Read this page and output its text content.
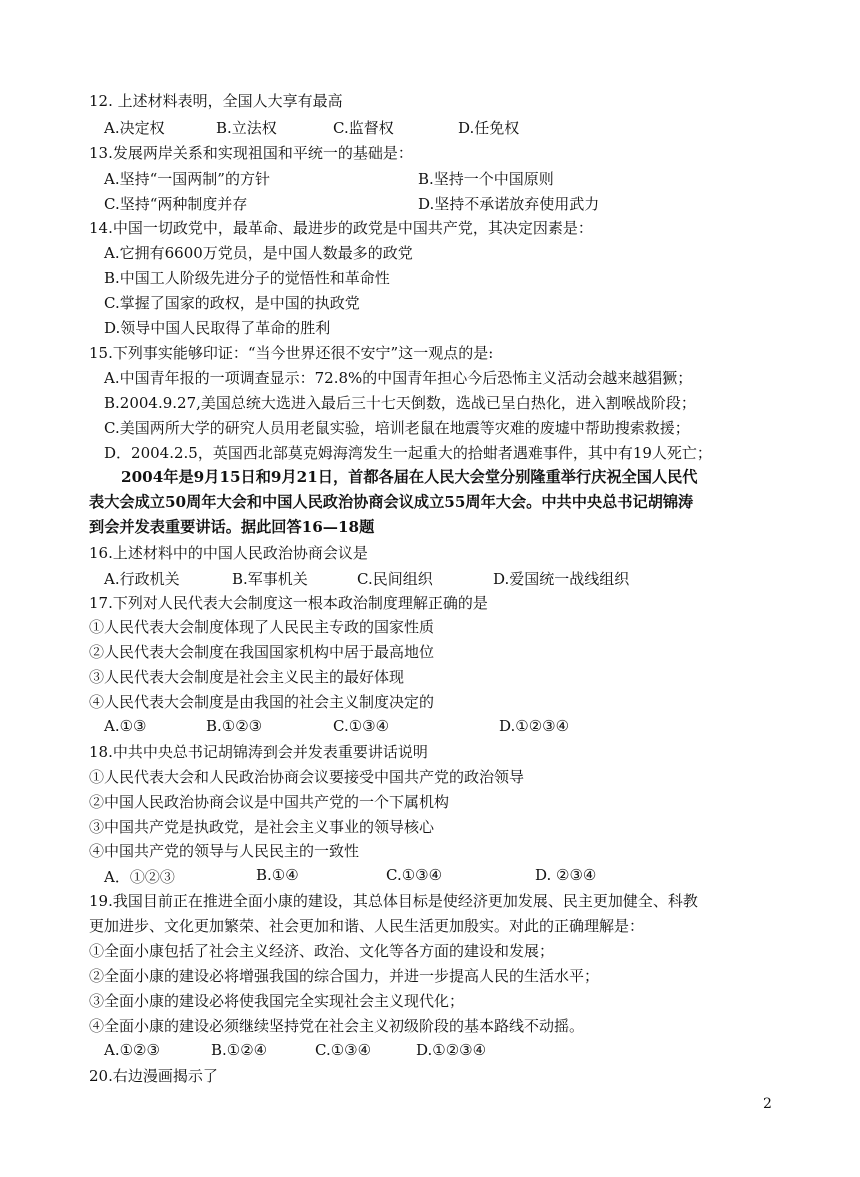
12. 上述材料表明，全国人大享有最高
A.决定权	B.立法权	C.监督权	D.任免权
13.发展两岸关系和实现祖国和平统一的基础是：
A.坚持“一国两制”的方针	B.坚持一个中国原则
C.坚持“两种制度并存	D.坚持不承诺放弃使用武力
14.中国一切政党中，最革命、最进步的政党是中国共产党，其决定因素是：
A.它拥有6600万党员，是中国人数最多的政党
B.中国工人阶级先进分子的觉悟性和革命性
C.掌握了国家的政权，是中国的执政党
D.领导中国人民取得了革命的胜利
15.下列事实能够印证：“当今世界还很不安宁”这一观点的是:
A.中国青年报的一项调查显示：72.8%的中国青年担心今后恐怖主义活动会越来越猖獗；
B.2004.9.27,美国总统大选进入最后三十七天倒数，选战已呈白热化，进入割喉战阶段；
C.美国两所大学的研究人员用老鼠实验，培训老鼠在地震等灾难的废墟中帮助搜索救援；
D．2004.2.5，英国西北部莫克姆海湾发生一起重大的拾蚶者遇难事件，其中有19人死亡；
2004年是9月15日和9月21日，首都各届在人民大会堂分别隆重举行庆祝全国人民代
表大会成立50周年大会和中国人民政治协商会议成立55周年大会。中共中央总书记胡锦涛
到会并发表重要讲话。据此回答16—18题
16.上述材料中的中国人民政治协商会议是
A.行政机关	B.军事机关	C.民间组织	D.爱国统一战线组织
17.下列对人民代表大会制度这一根本政治制度理解正确的是
①人民代表大会制度体现了人民民主专政的国家性质
②人民代表大会制度在我国国家机构中居于最高地位
③人民代表大会制度是社会主义民主的最好体现
④人民代表大会制度是由我国的社会主义制度决定的
A.①③	B.①②③	C.①③④	D.①②③④
18.中共中央总书记胡锦涛到会并发表重要讲话说明
①人民代表大会和人民政治协商会议要接受中国共产党的政治领导
②中国人民政治协商会议是中国共产党的一个下属机构
③中国共产党是执政党，是社会主义事业的领导核心
④中国共产党的领导与人民民主的一致性
A．①②③	B.①④	C.①③④	D. ②③④
19.我国目前正在推进全面小康的建设，其总体目标是使经济更加发展、民主更加健全、科教
更加进步、文化更加繁荣、社会更加和谐、人民生活更加殷实。对此的正确理解是：
①全面小康包括了社会主义经济、政治、文化等各方面的建设和发展；
②全面小康的建设必将增强我国的综合国力，并进一步提高人民的生活水平；
③全面小康的建设必将使我国完全实现社会主义现代化；
④全面小康的建设必须继续坚持党在社会主义初级阶段的基本路线不动摇。
A.①②③	B.①②④	C.①③④	D.①②③④
20.右边漫画揭示了
2
